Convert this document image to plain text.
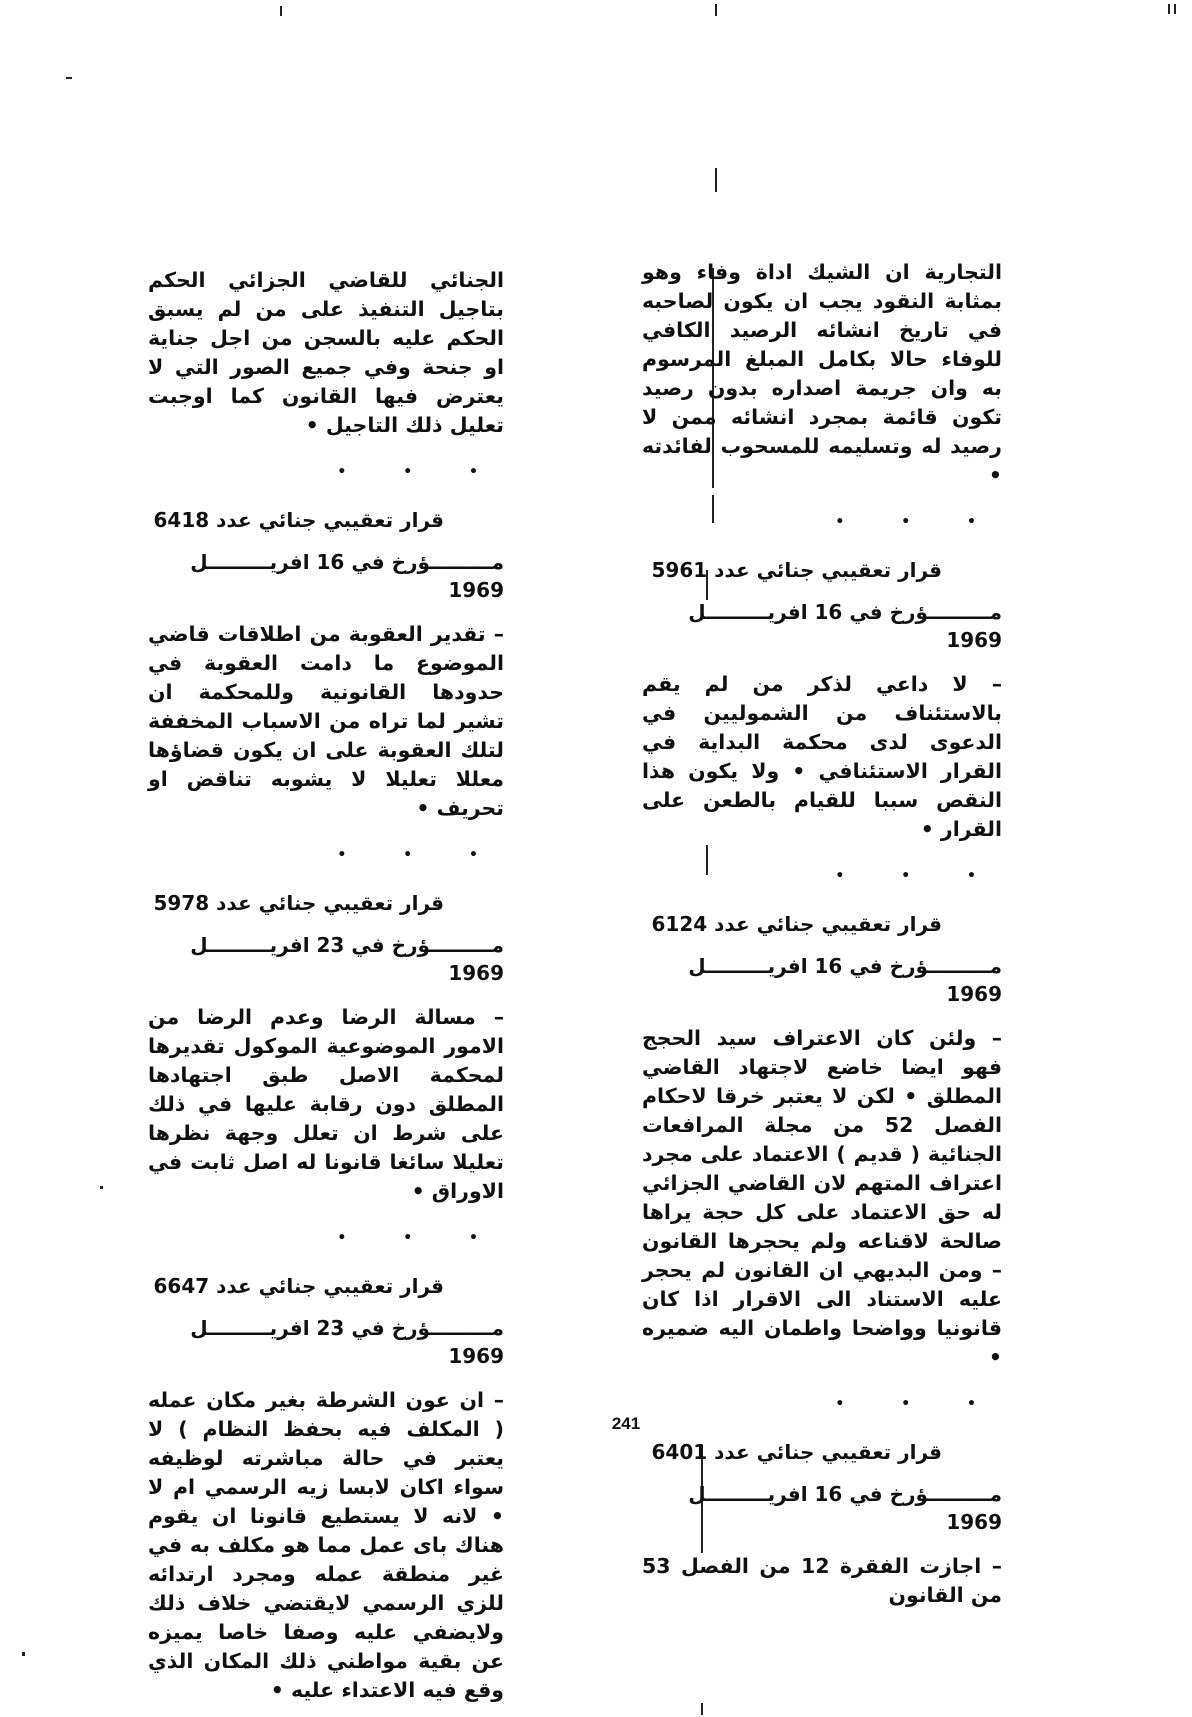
التجارية ان الشيك اداة وفاء وهو بمثابة النقود يجب ان يكون لصاحبه في تاريخ انشائه الرصيد الكافي للوفاء حالا بكامل المبلغ المرسوم به وان جريمة اصداره بدون رصيد تكون قائمة بمجرد انشائه ممن لا رصيد له وتسليمه للمسحوب لفائدته •

• • •

قرار تعقيبي جنائي عدد 5961

مـــــــــؤرخ في 16 افريـــــــــل 1969

– لا داعي لذكر من لم يقم بالاستئناف من الشموليين في الدعوى لدى محكمة البداية في القرار الاستئنافي • ولا يكون هذا النقص سببا للقيام بالطعن على القرار •

• • •

قرار تعقيبي جنائي عدد 6124

مـــــــــؤرخ في 16 افريـــــــــل 1969

– ولئن كان الاعتراف سيد الحجج فهو ايضا خاضع لاجتهاد القاضي المطلق • لكن لا يعتبر خرقا لاحكام الفصل 52 من مجلة المرافعات الجنائية ( قديم ) الاعتماد على مجرد اعتراف المتهم لان القاضي الجزائي له حق الاعتماد على كل حجة يراها صالحة لاقناعه ولم يحجرها القانون – ومن البديهي ان القانون لم يحجر عليه الاستناد الى الاقرار اذا كان قانونيا وواضحا واطمان اليه ضميره •

• • •

قرار تعقيبي جنائي عدد 6401

مـــــــــؤرخ في 16 افريـــــــــل 1969

– اجازت الفقرة 12 من الفصل 53 من القانون

الجنائي للقاضي الجزائي الحكم بتاجيل التنفيذ على من لم يسبق الحكم عليه بالسجن من اجل جناية او جنحة وفي جميع الصور التي لا يعترض فيها القانون كما اوجبت تعليل ذلك التاجيل •

• • •

قرار تعقيبي جنائي عدد 6418

مـــــــــؤرخ في 16 افريـــــــــل 1969

– تقدير العقوبة من اطلاقات قاضي الموضوع ما دامت العقوبة في حدودها القانونية وللمحكمة ان تشير لما تراه من الاسباب المخففة لتلك العقوبة على ان يكون قضاؤها معللا تعليلا لا يشوبه تناقض او تحريف •

• • •

قرار تعقيبي جنائي عدد 5978

مـــــــــؤرخ في 23 افريـــــــــل 1969

– مسالة الرضا وعدم الرضا من الامور الموضوعية الموكول تقديرها لمحكمة الاصل طبق اجتهادها المطلق دون رقابة عليها في ذلك على شرط ان تعلل وجهة نظرها تعليلا سائغا قانونا له اصل ثابت في الاوراق •

• • •

قرار تعقيبي جنائي عدد 6647

مـــــــــؤرخ في 23 افريـــــــــل 1969

– ان عون الشرطة بغير مكان عمله ( المكلف فيه بحفظ النظام ) لا يعتبر في حالة مباشرته لوظيفه سواء اكان لابسا زيه الرسمي ام لا • لانه لا يستطيع قانونا ان يقوم هناك باى عمل مما هو مكلف به في غير منطقة عمله ومجرد ارتدائه للزي الرسمي لايقتضي خلاف ذلك ولايضفي عليه وصفا خاصا يميزه عن بقية مواطني ذلك المكان الذي وقع فيه الاعتداء عليه •

241
